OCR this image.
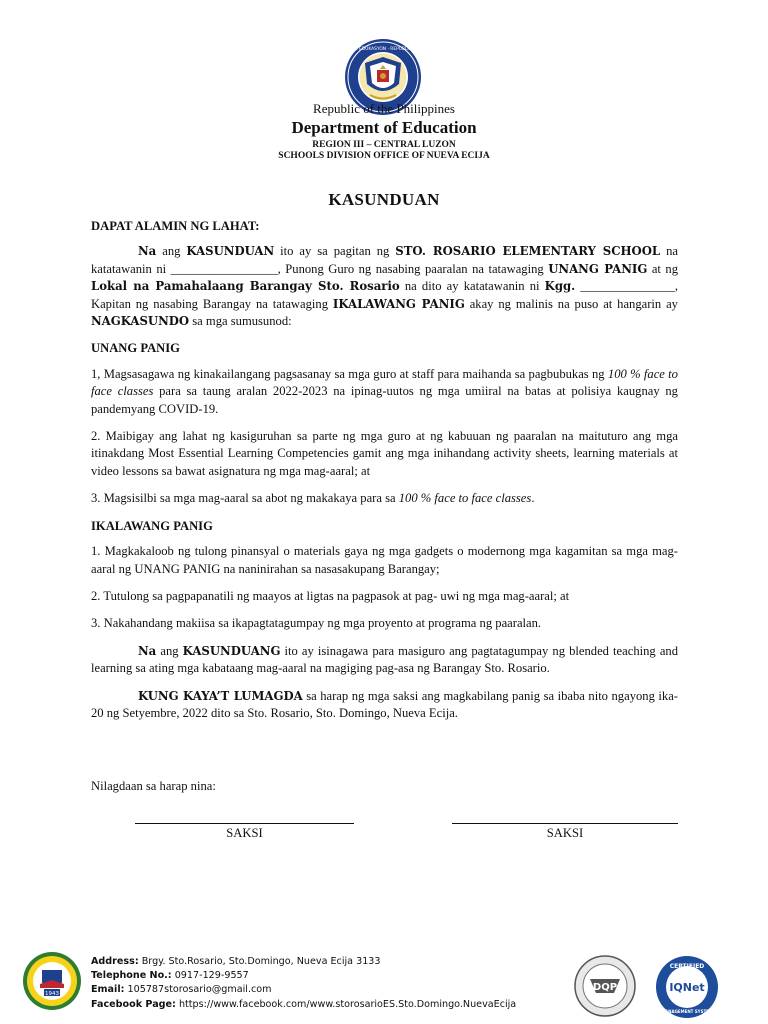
KAGAWARAN NG EDUKASYON · REPUBLIKA NG PILIPINAS
Republic of the Philippines
Department of Education
REGION III – CENTRAL LUZON
SCHOOLS DIVISION OFFICE OF NUEVA ECIJA
KASUNDUAN

DAPAT ALAMIN NG LAHAT:

Na ang KASUNDUAN ito ay sa pagitan ng STO. ROSARIO ELEMENTARY SCHOOL na katatawanin ni _________________, Punong Guro ng nasabing paaralan na tatawaging UNANG PANIG at ng Lokal na Pamahalaang Barangay Sto. Rosario na dito ay katatawanin ni Kgg. _______________, Kapitan ng nasabing Barangay na tatawaging IKALAWANG PANIG akay ng malinis na puso at hangarin ay NAGKASUNDO sa mga sumusunod:

UNANG PANIG

1, Magsasagawa ng kinakailangang pagsasanay sa mga guro at staff para maihanda sa pagbubukas ng 100 % face to face classes para sa taung aralan 2022-2023 na ipinag-uutos ng mga umiiral na batas at polisiya kaugnay ng pandemyang COVID-19.

2. Maibigay ang lahat ng kasiguruhan sa parte ng mga guro at ng kabuuan ng paaralan na maituturo ang mga itinakdang Most Essential Learning Competencies gamit ang mga inihandang activity sheets, learning materials at video lessons sa bawat asignatura ng mga mag-aaral; at

3. Magsisilbi sa mga mag-aaral sa abot ng makakaya para sa 100 % face to face classes.

IKALAWANG PANIG

1. Magkakaloob ng tulong pinansyal o materials gaya ng mga gadgets o modernong mga kagamitan sa mga mag-aaral ng UNANG PANIG na naninirahan sa nasasakupang Barangay;

2. Tutulong sa pagpapanatili ng maayos at ligtas na pagpasok at pag- uwi ng mga mag-aaral; at

3. Nakahandang makiisa sa ikapagtatagumpay ng mga proyento at programa ng paaralan.

Na ang KASUNDUANG ito ay isinagawa para masiguro ang pagtatagumpay ng blended teaching and learning sa ating mga kabataang mag-aaral na magiging pag-asa ng Barangay Sto. Rosario.

KUNG KAYA’T LUMAGDA sa harap ng mga saksi ang magkabilang panig sa ibaba nito ngayong ika- 20 ng Setyembre, 2022 dito sa Sto. Rosario, Sto. Domingo, Nueva Ecija.

Nilagdaan sa harap nina:
SAKSI	SAKSI
1943
Address: Brgy. Sto.Rosario, Sto.Domingo, Nueva Ecija 3133
Telephone No.: 0917-129-9557
Email: 105787storosario@gmail.com
Facebook Page: https://www.facebook.com/www.storosarioES.Sto.Domingo.NuevaEcija
DQP
CERTIFIED
IQNet
MANAGEMENT SYSTEM
